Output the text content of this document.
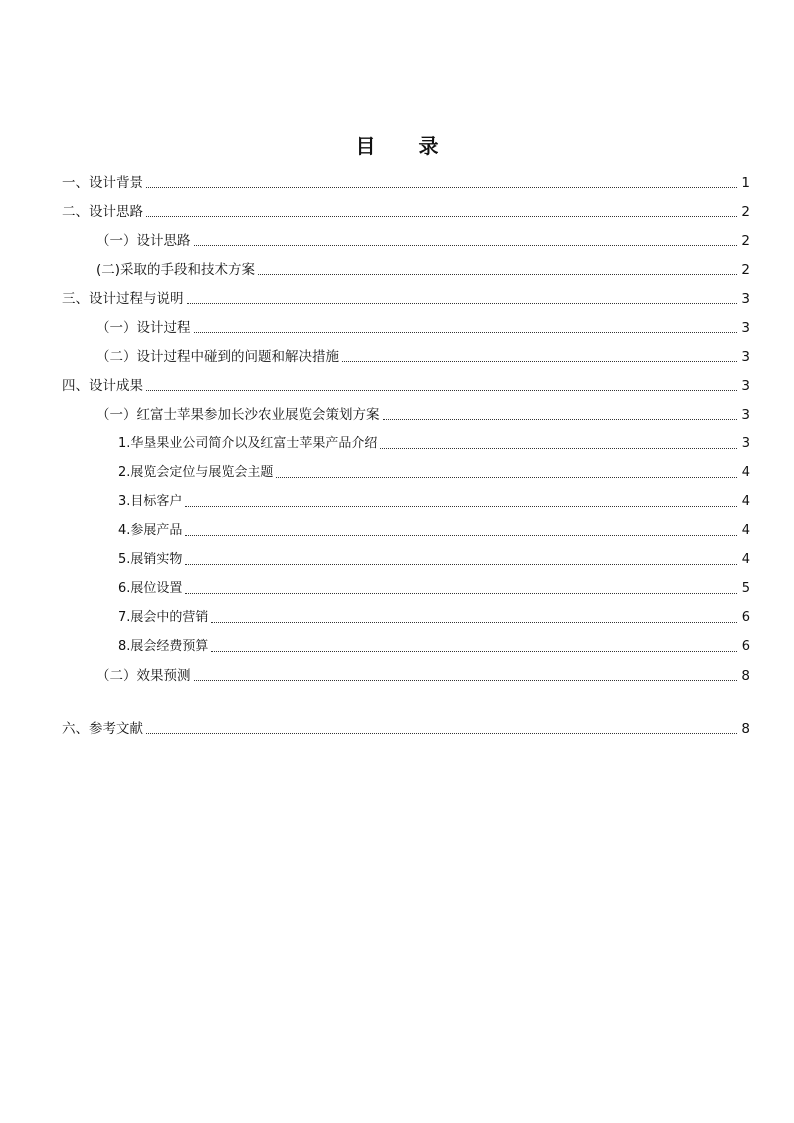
目 录
一、设计背景	1
二、设计思路	2
（一）设计思路	2
(二)采取的手段和技术方案	2
三、设计过程与说明	3
（一）设计过程	3
（二）设计过程中碰到的问题和解决措施	3
四、设计成果	3
（一）红富士苹果参加长沙农业展览会策划方案	3
1.华垦果业公司简介以及红富士苹果产品介绍	3
2.展览会定位与展览会主题	4
3.目标客户	4
4.参展产品	4
5.展销实物	4
6.展位设置	5
7.展会中的营销	6
8.展会经费预算	6
（二）效果预测	8
六、参考文献	8
